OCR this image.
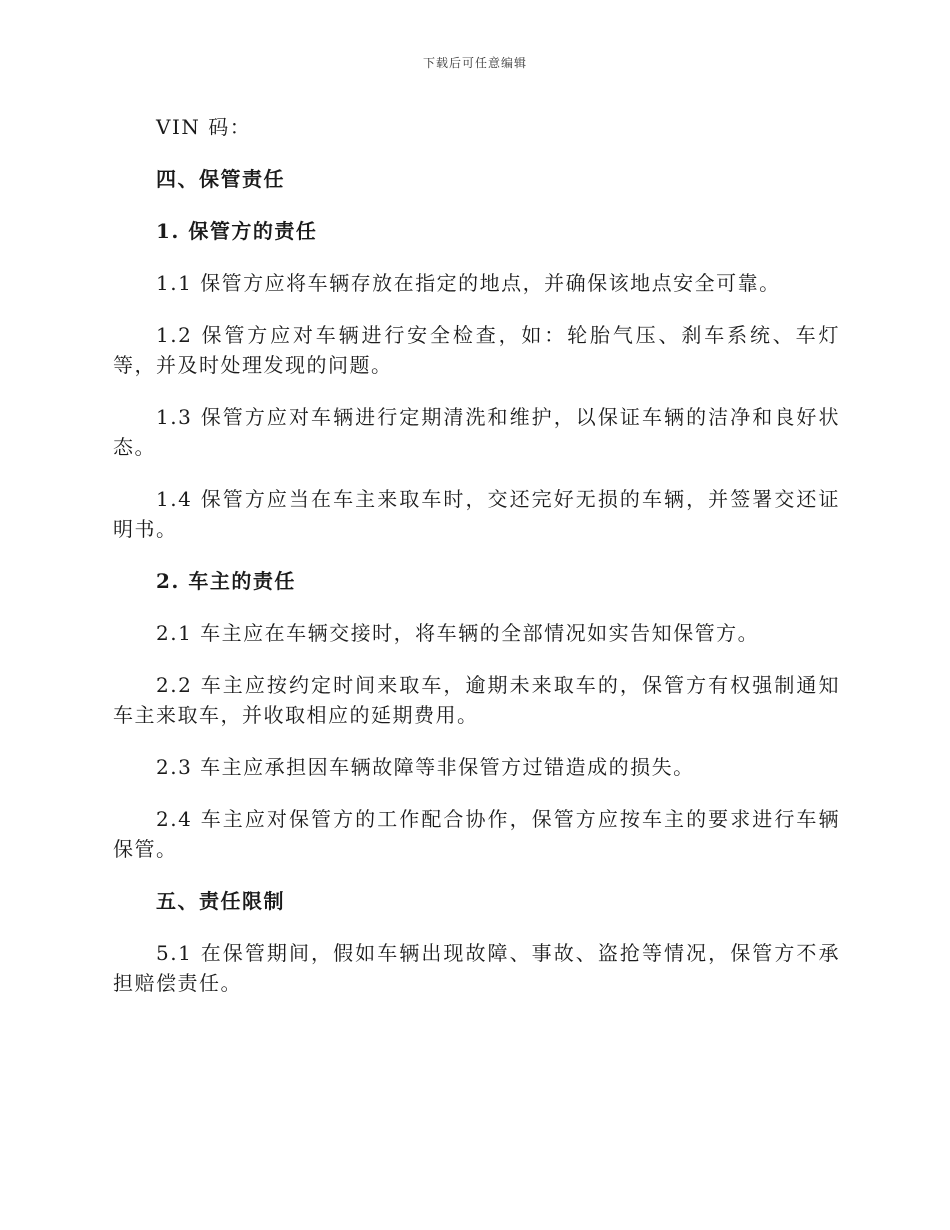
下载后可任意编辑

VIN 码：

四、保管责任

1. 保管方的责任

1.1 保管方应将车辆存放在指定的地点，并确保该地点安全可靠。

1.2 保管方应对车辆进行安全检查，如：轮胎气压、刹车系统、车灯等，并及时处理发现的问题。

1.3 保管方应对车辆进行定期清洗和维护，以保证车辆的洁净和良好状态。

1.4 保管方应当在车主来取车时，交还完好无损的车辆，并签署交还证明书。

2. 车主的责任

2.1 车主应在车辆交接时，将车辆的全部情况如实告知保管方。

2.2 车主应按约定时间来取车，逾期未来取车的，保管方有权强制通知车主来取车，并收取相应的延期费用。

2.3 车主应承担因车辆故障等非保管方过错造成的损失。

2.4 车主应对保管方的工作配合协作，保管方应按车主的要求进行车辆保管。

五、责任限制

5.1 在保管期间，假如车辆出现故障、事故、盗抢等情况，保管方不承担赔偿责任。
